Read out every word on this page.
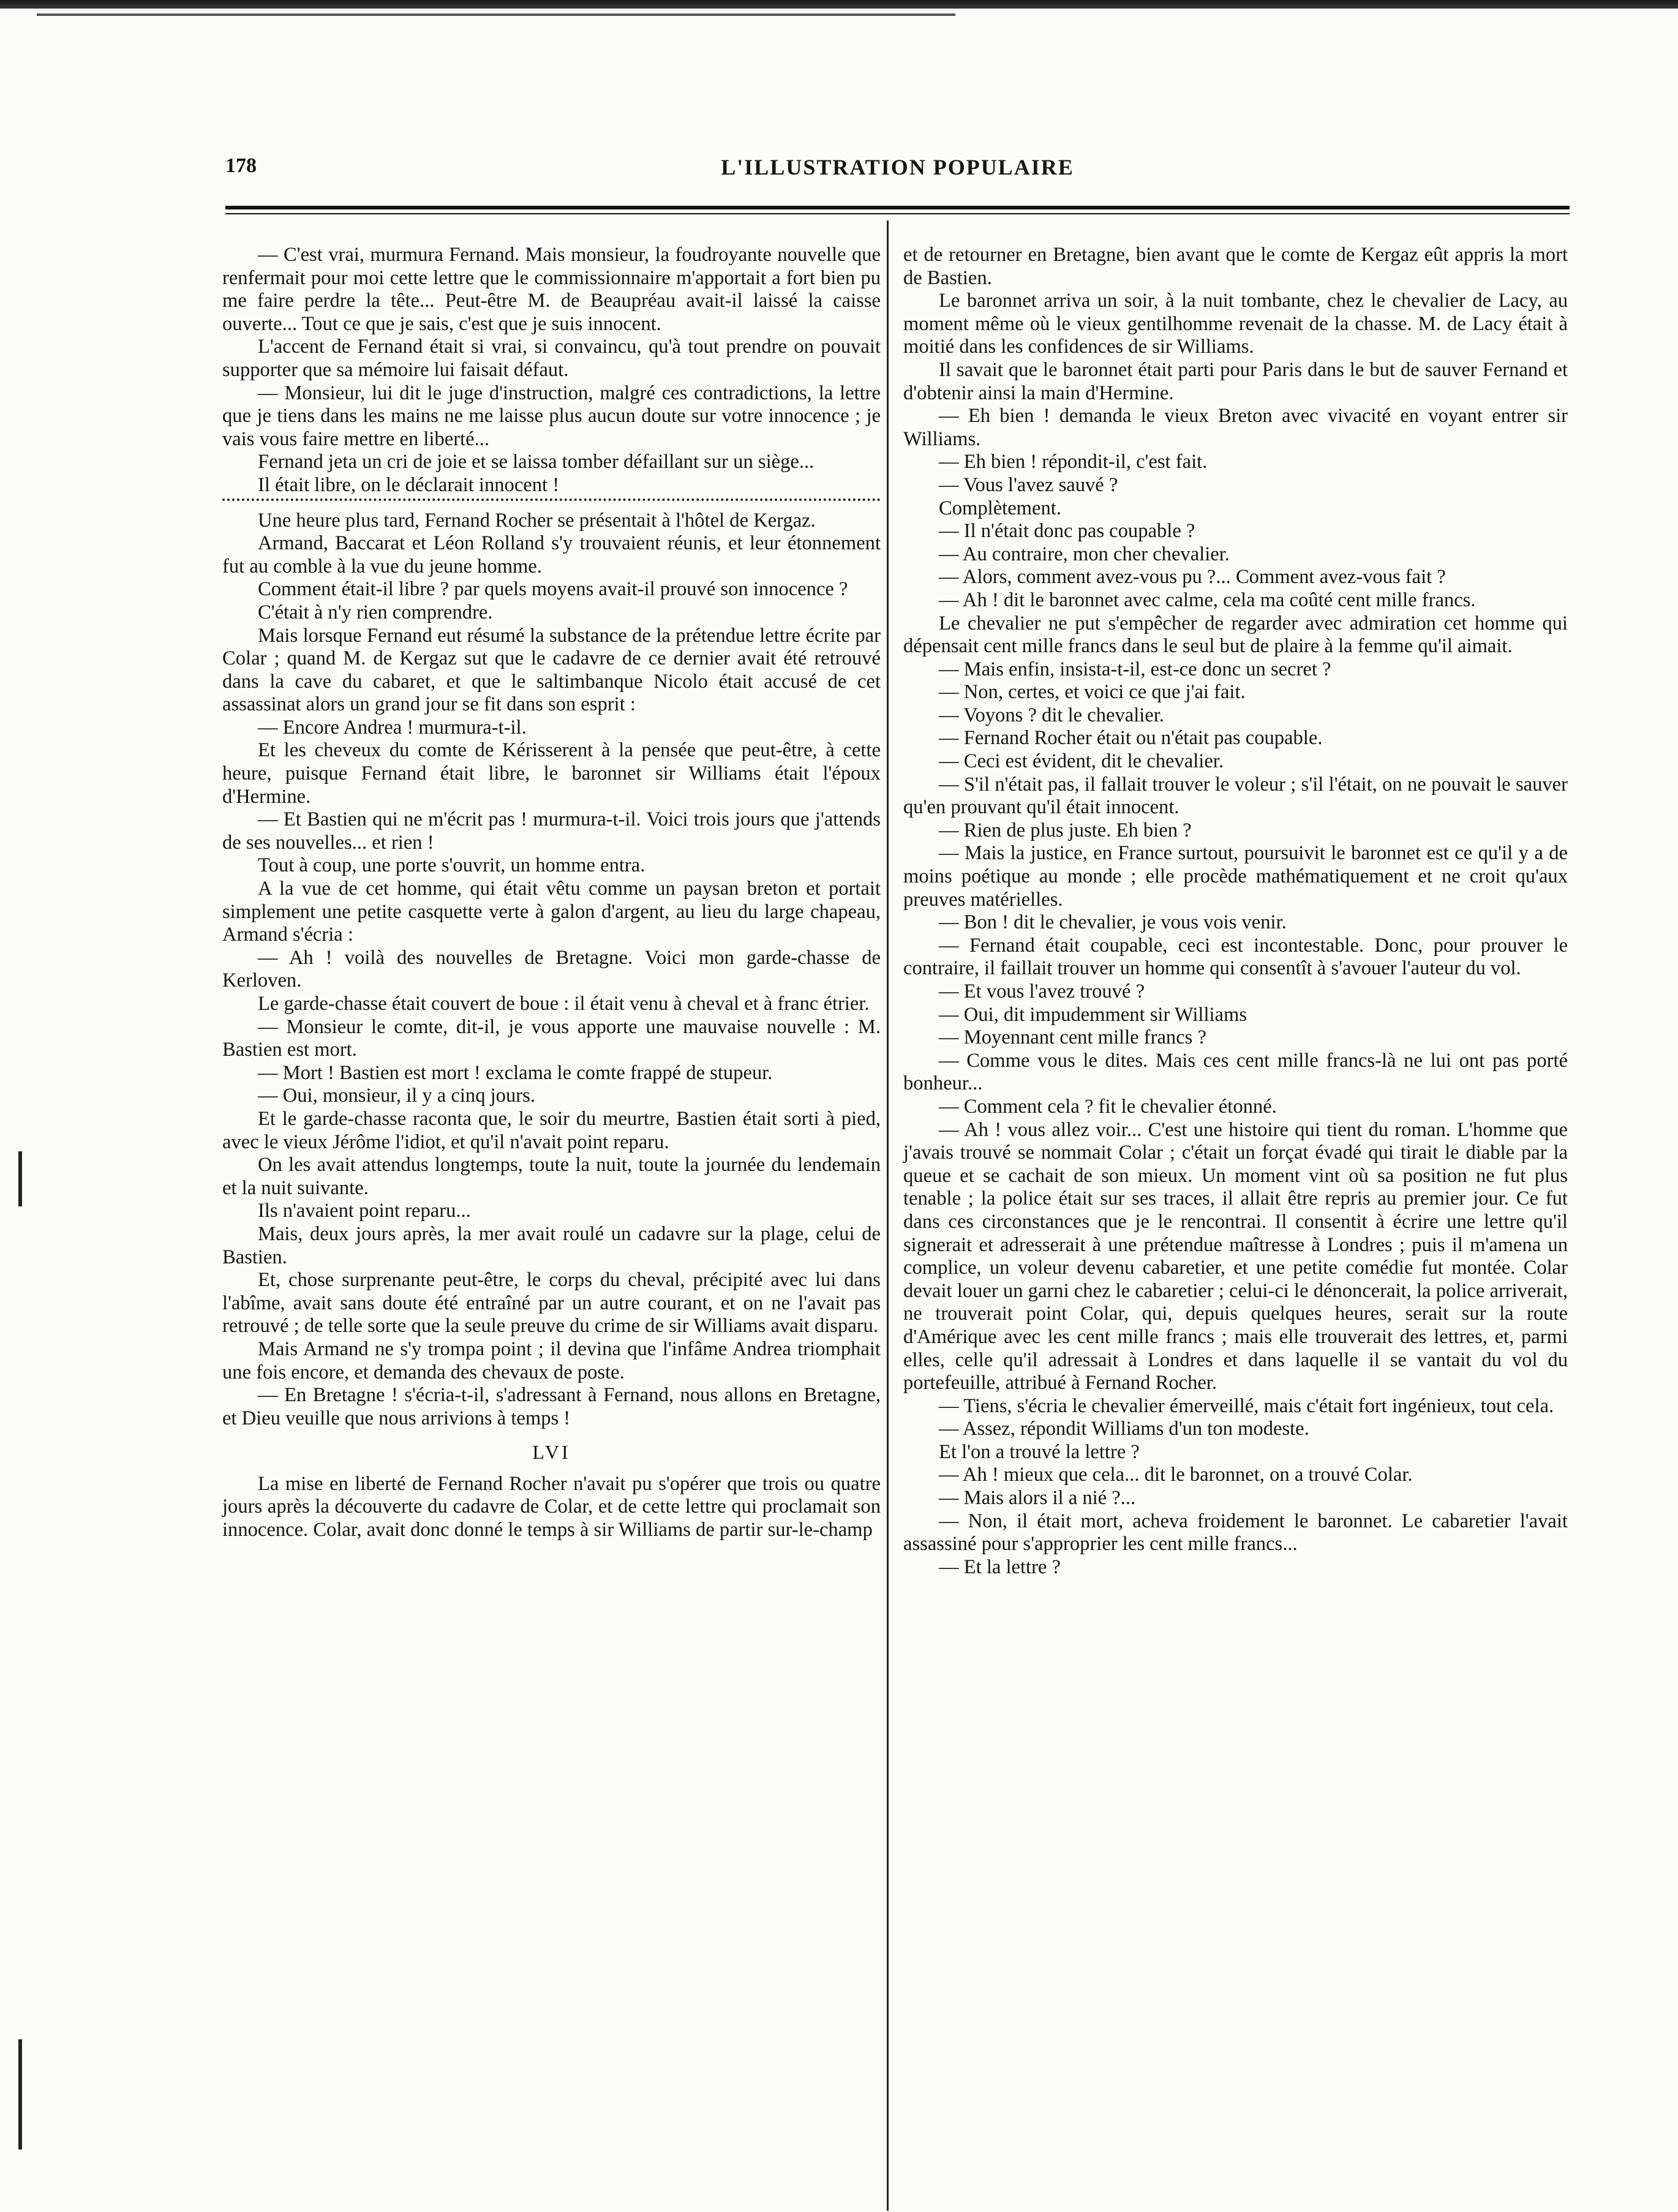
178	L'ILLUSTRATION POPULAIRE

— C'est vrai, murmura Fernand. Mais monsieur, la foudroyante nouvelle que renfermait pour moi cette lettre que le commissionnaire m'apportait a fort bien pu me faire perdre la tête... Peut-être M. de Beaupréau avait-il laissé la caisse ouverte... Tout ce que je sais, c'est que je suis innocent.

L'accent de Fernand était si vrai, si convaincu, qu'à tout prendre on pouvait supporter que sa mémoire lui faisait défaut.

— Monsieur, lui dit le juge d'instruction, malgré ces contradictions, la lettre que je tiens dans les mains ne me laisse plus aucun doute sur votre innocence ; je vais vous faire mettre en liberté...

Fernand jeta un cri de joie et se laissa tomber défaillant sur un siège...

Il était libre, on le déclarait innocent !

Une heure plus tard, Fernand Rocher se présentait à l'hôtel de Kergaz.

Armand, Baccarat et Léon Rolland s'y trouvaient réunis, et leur étonnement fut au comble à la vue du jeune homme.

Comment était-il libre ? par quels moyens avait-il prouvé son innocence ?

C'était à n'y rien comprendre.

Mais lorsque Fernand eut résumé la substance de la prétendue lettre écrite par Colar ; quand M. de Kergaz sut que le cadavre de ce dernier avait été retrouvé dans la cave du cabaret, et que le saltimbanque Nicolo était accusé de cet assassinat alors un grand jour se fit dans son esprit :

— Encore Andrea ! murmura-t-il.

Et les cheveux du comte de Kérisserent à la pensée que peut-être, à cette heure, puisque Fernand était libre, le baronnet sir Williams était l'époux d'Hermine.

— Et Bastien qui ne m'écrit pas ! murmura-t-il. Voici trois jours que j'attends de ses nouvelles... et rien !

Tout à coup, une porte s'ouvrit, un homme entra.

A la vue de cet homme, qui était vêtu comme un paysan breton et portait simplement une petite casquette verte à galon d'argent, au lieu du large chapeau, Armand s'écria :

— Ah ! voilà des nouvelles de Bretagne. Voici mon garde-chasse de Kerloven.

Le garde-chasse était couvert de boue : il était venu à cheval et à franc étrier.

— Monsieur le comte, dit-il, je vous apporte une mauvaise nouvelle : M. Bastien est mort.

— Mort ! Bastien est mort ! exclama le comte frappé de stupeur.

— Oui, monsieur, il y a cinq jours.

Et le garde-chasse raconta que, le soir du meurtre, Bastien était sorti à pied, avec le vieux Jérôme l'idiot, et qu'il n'avait point reparu.

On les avait attendus longtemps, toute la nuit, toute la journée du lendemain et la nuit suivante.

Ils n'avaient point reparu...

Mais, deux jours après, la mer avait roulé un cadavre sur la plage, celui de Bastien.

Et, chose surprenante peut-être, le corps du cheval, précipité avec lui dans l'abîme, avait sans doute été entraîné par un autre courant, et on ne l'avait pas retrouvé ; de telle sorte que la seule preuve du crime de sir Williams avait disparu.

Mais Armand ne s'y trompa point ; il devina que l'infâme Andrea triomphait une fois encore, et demanda des chevaux de poste.

— En Bretagne ! s'écria-t-il, s'adressant à Fernand, nous allons en Bretagne, et Dieu veuille que nous arrivions à temps !

LVI

La mise en liberté de Fernand Rocher n'avait pu s'opérer que trois ou quatre jours après la découverte du cadavre de Colar, et de cette lettre qui proclamait son innocence. Colar, avait donc donné le temps à sir Williams de partir sur-le-champ

et de retourner en Bretagne, bien avant que le comte de Kergaz eût appris la mort de Bastien.

Le baronnet arriva un soir, à la nuit tombante, chez le chevalier de Lacy, au moment même où le vieux gentilhomme revenait de la chasse. M. de Lacy était à moitié dans les confidences de sir Williams.

Il savait que le baronnet était parti pour Paris dans le but de sauver Fernand et d'obtenir ainsi la main d'Hermine.

— Eh bien ! demanda le vieux Breton avec vivacité en voyant entrer sir Williams.

— Eh bien ! répondit-il, c'est fait.

— Vous l'avez sauvé ?

Complètement.

— Il n'était donc pas coupable ?

— Au contraire, mon cher chevalier.

— Alors, comment avez-vous pu ?... Comment avez-vous fait ?

— Ah ! dit le baronnet avec calme, cela ma coûté cent mille francs.

Le chevalier ne put s'empêcher de regarder avec admiration cet homme qui dépensait cent mille francs dans le seul but de plaire à la femme qu'il aimait.

— Mais enfin, insista-t-il, est-ce donc un secret ?

— Non, certes, et voici ce que j'ai fait.

— Voyons ? dit le chevalier.

— Fernand Rocher était ou n'était pas coupable.

— Ceci est évident, dit le chevalier.

— S'il n'était pas, il fallait trouver le voleur ; s'il l'était, on ne pouvait le sauver qu'en prouvant qu'il était innocent.

— Rien de plus juste. Eh bien ?

— Mais la justice, en France surtout, poursuivit le baronnet est ce qu'il y a de moins poétique au monde ; elle procède mathématiquement et ne croit qu'aux preuves matérielles.

— Bon ! dit le chevalier, je vous vois venir.

— Fernand était coupable, ceci est incontestable. Donc, pour prouver le contraire, il faillait trouver un homme qui consentît à s'avouer l'auteur du vol.

— Et vous l'avez trouvé ?

— Oui, dit impudemment sir Williams

— Moyennant cent mille francs ?

— Comme vous le dites. Mais ces cent mille francs-là ne lui ont pas porté bonheur...

— Comment cela ? fit le chevalier étonné.

— Ah ! vous allez voir... C'est une histoire qui tient du roman. L'homme que j'avais trouvé se nommait Colar ; c'était un forçat évadé qui tirait le diable par la queue et se cachait de son mieux. Un moment vint où sa position ne fut plus tenable ; la police était sur ses traces, il allait être repris au premier jour. Ce fut dans ces circonstances que je le rencontrai. Il consentit à écrire une lettre qu'il signerait et adresserait à une prétendue maîtresse à Londres ; puis il m'amena un complice, un voleur devenu cabaretier, et une petite comédie fut montée. Colar devait louer un garni chez le cabaretier ; celui-ci le dénoncerait, la police arriverait, ne trouverait point Colar, qui, depuis quelques heures, serait sur la route d'Amérique avec les cent mille francs ; mais elle trouverait des lettres, et, parmi elles, celle qu'il adressait à Londres et dans laquelle il se vantait du vol du portefeuille, attribué à Fernand Rocher.

— Tiens, s'écria le chevalier émerveillé, mais c'était fort ingénieux, tout cela.

— Assez, répondit Williams d'un ton modeste.

Et l'on a trouvé la lettre ?

— Ah ! mieux que cela... dit le baronnet, on a trouvé Colar.

— Mais alors il a nié ?...

— Non, il était mort, acheva froidement le baronnet. Le cabaretier l'avait assassiné pour s'approprier les cent mille francs...

— Et la lettre ?
